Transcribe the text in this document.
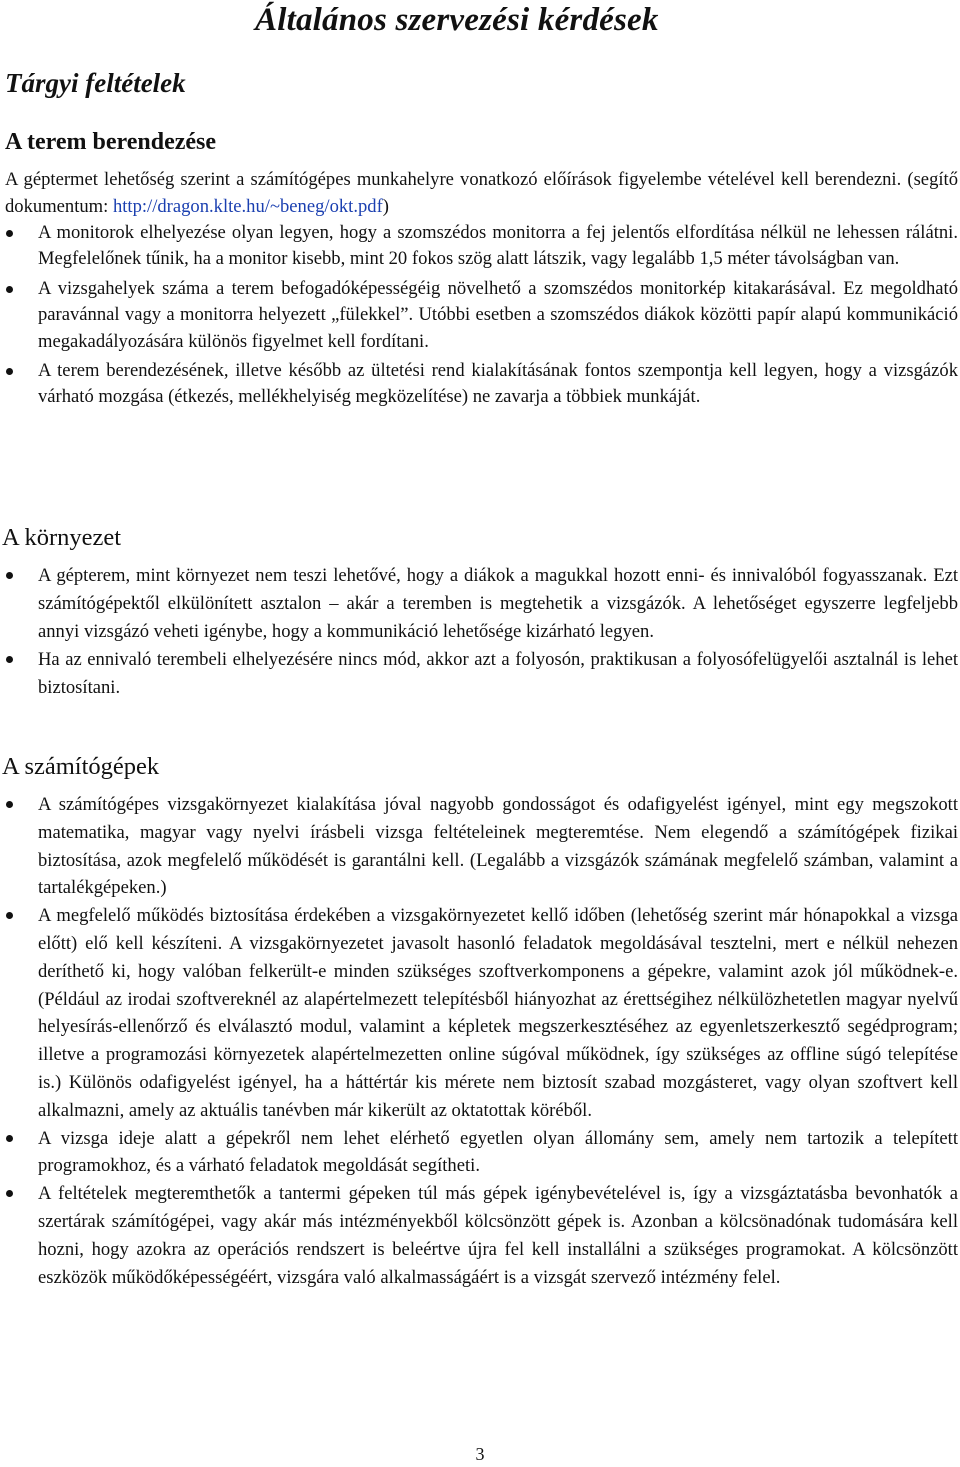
Általános szervezési kérdések
Tárgyi feltételek
A terem berendezése

A géptermet lehetőség szerint a számítógépes munkahelyre vonatkozó előírások figyelembe vételével kell berendezni. (segítő dokumentum: http://dragon.klte.hu/~beneg/okt.pdf)

A monitorok elhelyezése olyan legyen, hogy a szomszédos monitorra a fej jelentős elfordítása nélkül ne lehessen rálátni. Megfelelőnek tűnik, ha a monitor kisebb, mint 20 fokos szög alatt látszik, vagy legalább 1,5 méter távolságban van.
A vizsgahelyek száma a terem befogadóképességéig növelhető a szomszédos monitorkép kitakarásával. Ez megoldható paravánnal vagy a monitorra helyezett „fülekkel”. Utóbbi esetben a szomszédos diákok közötti papír alapú kommunikáció megakadályozására különös figyelmet kell fordítani.
A terem berendezésének, illetve később az ültetési rend kialakításának fontos szempontja kell legyen, hogy a vizsgázók várható mozgása (étkezés, mellékhelyiség megközelítése) ne zavarja a többiek munkáját.
A környezet
A gépterem, mint környezet nem teszi lehetővé, hogy a diákok a magukkal hozott enni- és innivalóból fogyasszanak. Ezt számítógépektől elkülönített asztalon – akár a teremben is megtehetik a vizsgázók. A lehetőséget egyszerre legfeljebb annyi vizsgázó veheti igénybe, hogy a kommunikáció lehetősége kizárható legyen.
Ha az ennivaló terembeli elhelyezésére nincs mód, akkor azt a folyosón, praktikusan a folyosófelügyelői asztalnál is lehet biztosítani.
A számítógépek
A számítógépes vizsgakörnyezet kialakítása jóval nagyobb gondosságot és odafigyelést igényel, mint egy megszokott matematika, magyar vagy nyelvi írásbeli vizsga feltételeinek megteremtése. Nem elegendő a számítógépek fizikai biztosítása, azok megfelelő működését is garantálni kell. (Legalább a vizsgázók számának megfelelő számban, valamint a tartalékgépeken.)
A megfelelő működés biztosítása érdekében a vizsgakörnyezetet kellő időben (lehetőség szerint már hónapokkal a vizsga előtt) elő kell készíteni. A vizsgakörnyezetet javasolt hasonló feladatok megoldásával tesztelni, mert e nélkül nehezen deríthető ki, hogy valóban felkerült-e minden szükséges szoftverkomponens a gépekre, valamint azok jól működnek-e. (Például az irodai szoftvereknél az alapértelmezett telepítésből hiányozhat az érettségihez nélkülözhetetlen magyar nyelvű helyesírás-ellenőrző és elválasztó modul, valamint a képletek megszerkesztéséhez az egyenletszerkesztő segédprogram; illetve a programozási környezetek alapértelmezetten online súgóval működnek, így szükséges az offline súgó telepítése is.) Különös odafigyelést igényel, ha a háttértár kis mérete nem biztosít szabad mozgásteret, vagy olyan szoftvert kell alkalmazni, amely az aktuális tanévben már kikerült az oktatottak köréből.
A vizsga ideje alatt a gépekről nem lehet elérhető egyetlen olyan állomány sem, amely nem tartozik a telepített programokhoz, és a várható feladatok megoldását segítheti.
A feltételek megteremthetők a tantermi gépeken túl más gépek igénybevételével is, így a vizsgáztatásba bevonhatók a szertárak számítógépei, vagy akár más intézményekből kölcsönzött gépek is. Azonban a kölcsönadónak tudomására kell hozni, hogy azokra az operációs rendszert is beleértve újra fel kell installálni a szükséges programokat. A kölcsönzött eszközök működőképességéért, vizsgára való alkalmasságáért is a vizsgát szervező intézmény felel.
3
